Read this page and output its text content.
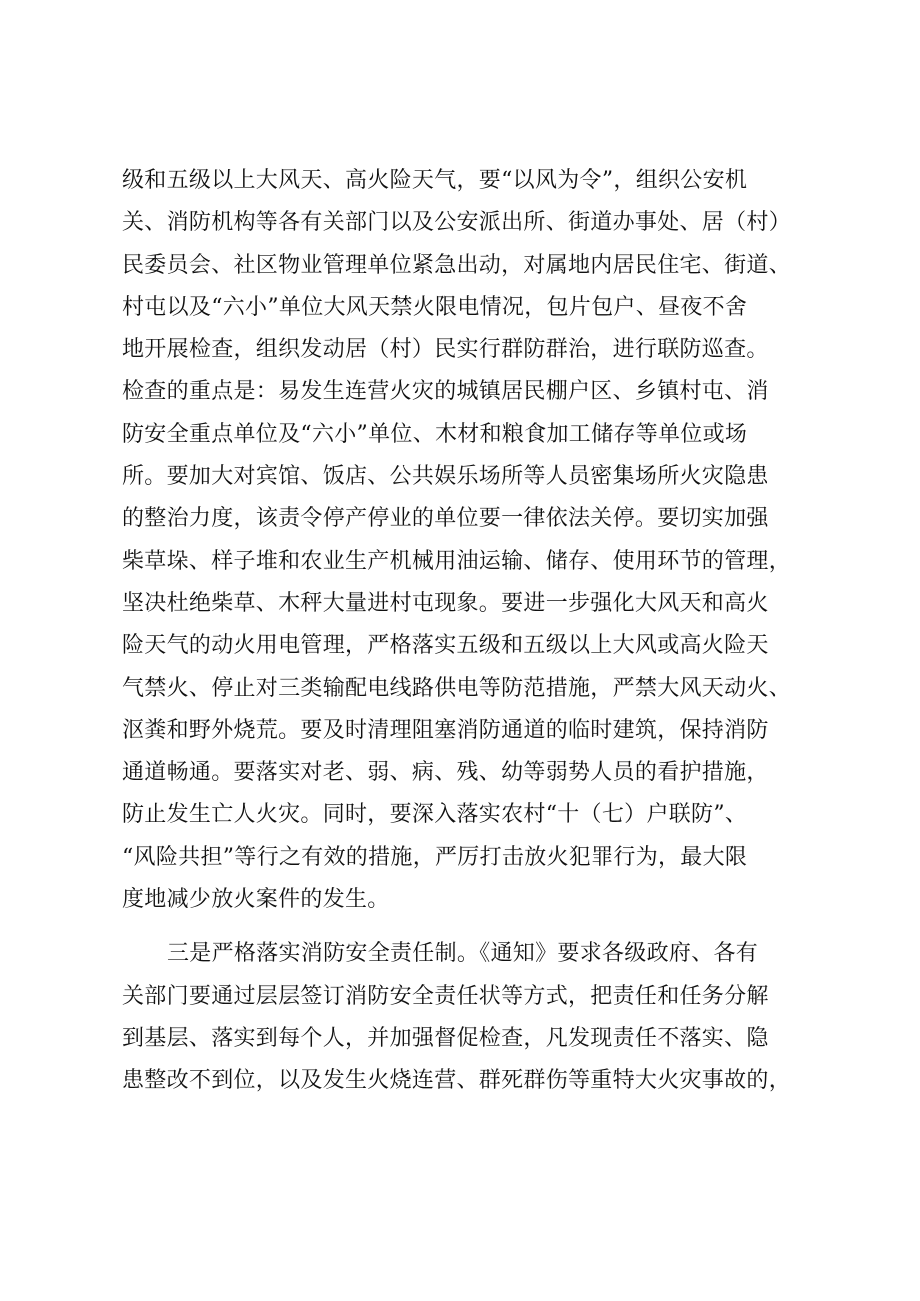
级和五级以上大风天、高火险天气，要“以风为令”，组织公安机
关、消防机构等各有关部门以及公安派出所、街道办事处、居（村）
民委员会、社区物业管理单位紧急出动，对属地内居民住宅、街道、
村屯以及“六小”单位大风天禁火限电情况，包片包户、昼夜不舍
地开展检查，组织发动居（村）民实行群防群治，进行联防巡查。
检查的重点是：易发生连营火灾的城镇居民棚户区、乡镇村屯、消
防安全重点单位及“六小”单位、木材和粮食加工储存等单位或场
所。要加大对宾馆、饭店、公共娱乐场所等人员密集场所火灾隐患
的整治力度，该责令停产停业的单位要一律依法关停。要切实加强
柴草垛、样子堆和农业生产机械用油运输、储存、使用环节的管理，
坚决杜绝柴草、木秤大量进村屯现象。要进一步强化大风天和高火
险天气的动火用电管理，严格落实五级和五级以上大风或高火险天
气禁火、停止对三类输配电线路供电等防范措施，严禁大风天动火、
沤粪和野外烧荒。要及时清理阻塞消防通道的临时建筑，保持消防
通道畅通。要落实对老、弱、病、残、幼等弱势人员的看护措施，
防止发生亡人火灾。同时，要深入落实农村“十（七）户联防”、
“风险共担”等行之有效的措施，严厉打击放火犯罪行为，最大限
度地减少放火案件的发生。
三是严格落实消防安全责任制。《通知》要求各级政府、各有
关部门要通过层层签订消防安全责任状等方式，把责任和任务分解
到基层、落实到每个人，并加强督促检查，凡发现责任不落实、隐
患整改不到位，以及发生火烧连营、群死群伤等重特大火灾事故的，
